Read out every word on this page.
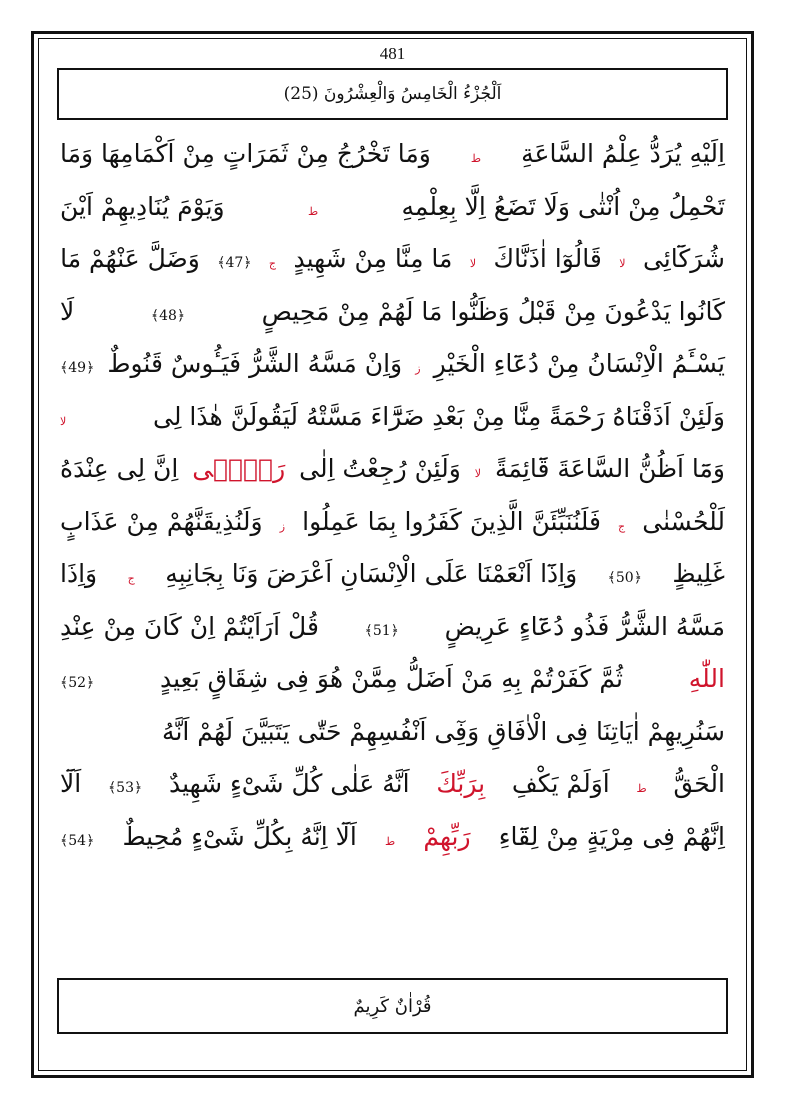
481
اَلْجُزْءُ الْخَامِسُ وَالْعِشْرُونَ (25)
اِلَيْهِ يُرَدُّ عِلْمُ السَّاعَةِ
ط
وَمَا تَخْرُجُ مِنْ ثَمَرَاتٍ مِنْ اَكْمَامِهَا وَمَا
تَحْمِلُ مِنْ اُنْثٰى وَلَا تَضَعُ اِلَّا بِعِلْمِهِ
ط
وَيَوْمَ يُنَادِيهِمْ اَيْنَ
شُرَكَٓائِى
لا
قَالُوٓا اٰذَنَّاكَ
لا
مَا مِنَّا مِنْ شَهِيدٍ
ج
﴿47﴾
وَضَلَّ عَنْهُمْ مَا
كَانُوا يَدْعُونَ مِنْ قَبْلُ وَظَنُّوا مَا لَهُمْ مِنْ مَحِيصٍ
﴿48﴾
لَا
يَسْـَٔمُ الْاِنْسَانُ مِنْ دُعَٓاءِ الْخَيْرِ
ز
وَاِنْ مَسَّهُ الشَّرُّ فَيَـُٔوسٌ قَنُوطٌ
﴿49﴾
وَلَئِنْ اَذَقْنَاهُ رَحْمَةً مِنَّا مِنْ بَعْدِ ضَرَّٓاءَ مَسَّتْهُ لَيَقُولَنَّ هٰذَا لِى
لا
وَمَٓا اَظُنُّ السَّاعَةَ قَٓائِمَةً
لا
وَلَئِنْ رُجِعْتُ اِلٰى
رَبّ۪ٓى
اِنَّ لِى عِنْدَهُ
لَلْحُسْنٰى
ج
فَلَنُنَبِّئَنَّ الَّذِينَ كَفَرُوا بِمَا عَمِلُوا
ز
وَلَنُذِيقَنَّهُمْ مِنْ عَذَابٍ
غَلِيظٍ
﴿50﴾
وَاِذَٓا اَنْعَمْنَا عَلَى الْاِنْسَانِ اَعْرَضَ وَنَا بِجَانِبِهِ
ج
وَاِذَا
مَسَّهُ الشَّرُّ فَذُو دُعَٓاءٍ عَرِيضٍ
﴿51﴾
قُلْ اَرَاَيْتُمْ اِنْ كَانَ مِنْ عِنْدِ
اللّٰهِ
ثُمَّ كَفَرْتُمْ بِهِ مَنْ اَضَلُّ مِمَّنْ هُوَ فِى شِقَاقٍ بَعِيدٍ
﴿52﴾
سَنُرِيهِمْ اٰيَاتِنَا فِى الْاٰفَاقِ وَفِٓى اَنْفُسِهِمْ حَتّٰى يَتَبَيَّنَ لَهُمْ اَنَّهُ
الْحَقُّ
ط
اَوَلَمْ يَكْفِ
بِرَبِّكَ
اَنَّهُ عَلٰى كُلِّ شَىْءٍ شَهِيدٌ
﴿53﴾
اَلَٓا
اِنَّهُمْ فِى مِرْيَةٍ مِنْ لِقَٓاءِ
رَبِّهِمْ
ط
اَلَٓا اِنَّهُ بِكُلِّ شَىْءٍ مُحِيطٌ
﴿54﴾
قُرْاٰنٌ كَرِيمٌ
